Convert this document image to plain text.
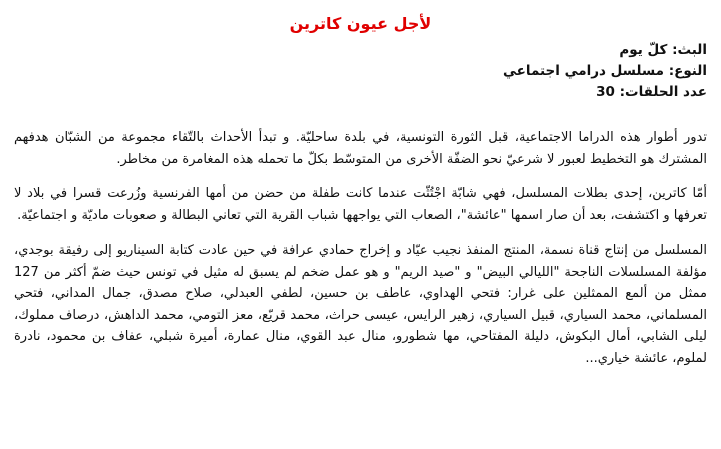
لأجل عيون كاترين
البث: كلّ يوم
النوع: مسلسل درامي اجتماعي
عدد الحلقات: 30

تدور أطوار هذه الدراما الاجتماعية، قبل الثورة التونسية، في بلدة ساحليّة. و تبدأ الأحداث بالتّقاء مجموعة من الشبّان هدفهم المشترك هو التخطيط لعبور لا شرعيّ نحو الضفّة الأخرى من المتوسّط بكلّ ما تحمله هذه المغامرة من مخاطر.

أمّا كاترين، إحدى بطلات المسلسل، فهي شابّة اجْتُثّت عندما كانت طفلة من حضن من أمها الفرنسية وزُرعت قسرا في بلاد لا تعرفها و اكتشفت، بعد أن صار اسمها "عائشة"، الصعاب التي يواجهها شباب القرية التي تعاني البطالة و صعوبات ماديّة و اجتماعيّة.

المسلسل من إنتاج قناة نسمة، المنتج المنفذ نجيب عيّاد و إخراج حمادي عرافة في حين عادت كتابة السيناريو إلى رفيقة بوجدي، مؤلفة المسلسلات الناجحة "الليالي البيض" و "صيد الريم" و هو عمل ضخم لم يسبق له مثيل في تونس حيث ضمّ أكثر من 127 ممثل من ألمع الممثلين على غرار: فتحي الهداوي، عاطف بن حسين، لطفي العبدلي، صلاح مصدق، جمال المداني، فتحي المسلماني، محمد السياري، قبيل السياري، زهير الرايس، عيسى حراث، محمد قريّع، معز التومي، محمد الداهش، درصاف مملوك، ليلى الشابي، أمال البكوش، دليلة المفتاحي، مها شطورو، منال عبد القوي، منال عمارة، أميرة شبلي، عفاف بن محمود، نادرة لملوم، عائشة خياري...
